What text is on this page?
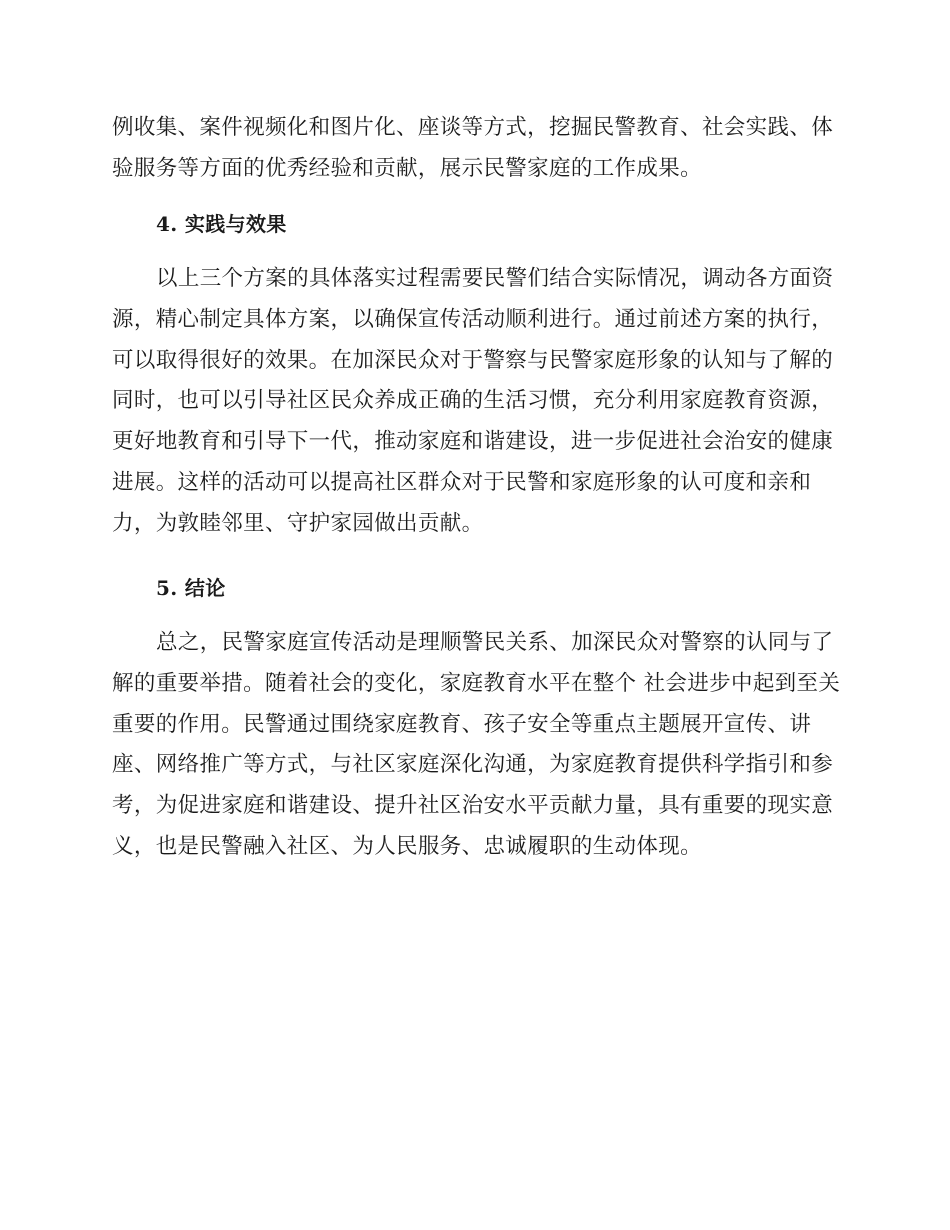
例收集、案件视频化和图片化、座谈等方式，挖掘民警教育、社会实践、体
验服务等方面的优秀经验和贡献，展示民警家庭的工作成果。
4. 实践与效果
以上三个方案的具体落实过程需要民警们结合实际情况，调动各方面资
源，精心制定具体方案，以确保宣传活动顺利进行。通过前述方案的执行，
可以取得很好的效果。在加深民众对于警察与民警家庭形象的认知与了解的
同时，也可以引导社区民众养成正确的生活习惯，充分利用家庭教育资源，
更好地教育和引导下一代，推动家庭和谐建设，进一步促进社会治安的健康
进展。这样的活动可以提高社区群众对于民警和家庭形象的认可度和亲和
力，为敦睦邻里、守护家园做出贡献。
5. 结论
总之，民警家庭宣传活动是理顺警民关系、加深民众对警察的认同与了
解的重要举措。随着社会的变化，家庭教育水平在整个 社会进步中起到至关
重要的作用。民警通过围绕家庭教育、孩子安全等重点主题展开宣传、讲
座、网络推广等方式，与社区家庭深化沟通，为家庭教育提供科学指引和参
考，为促进家庭和谐建设、提升社区治安水平贡献力量，具有重要的现实意
义，也是民警融入社区、为人民服务、忠诚履职的生动体现。
